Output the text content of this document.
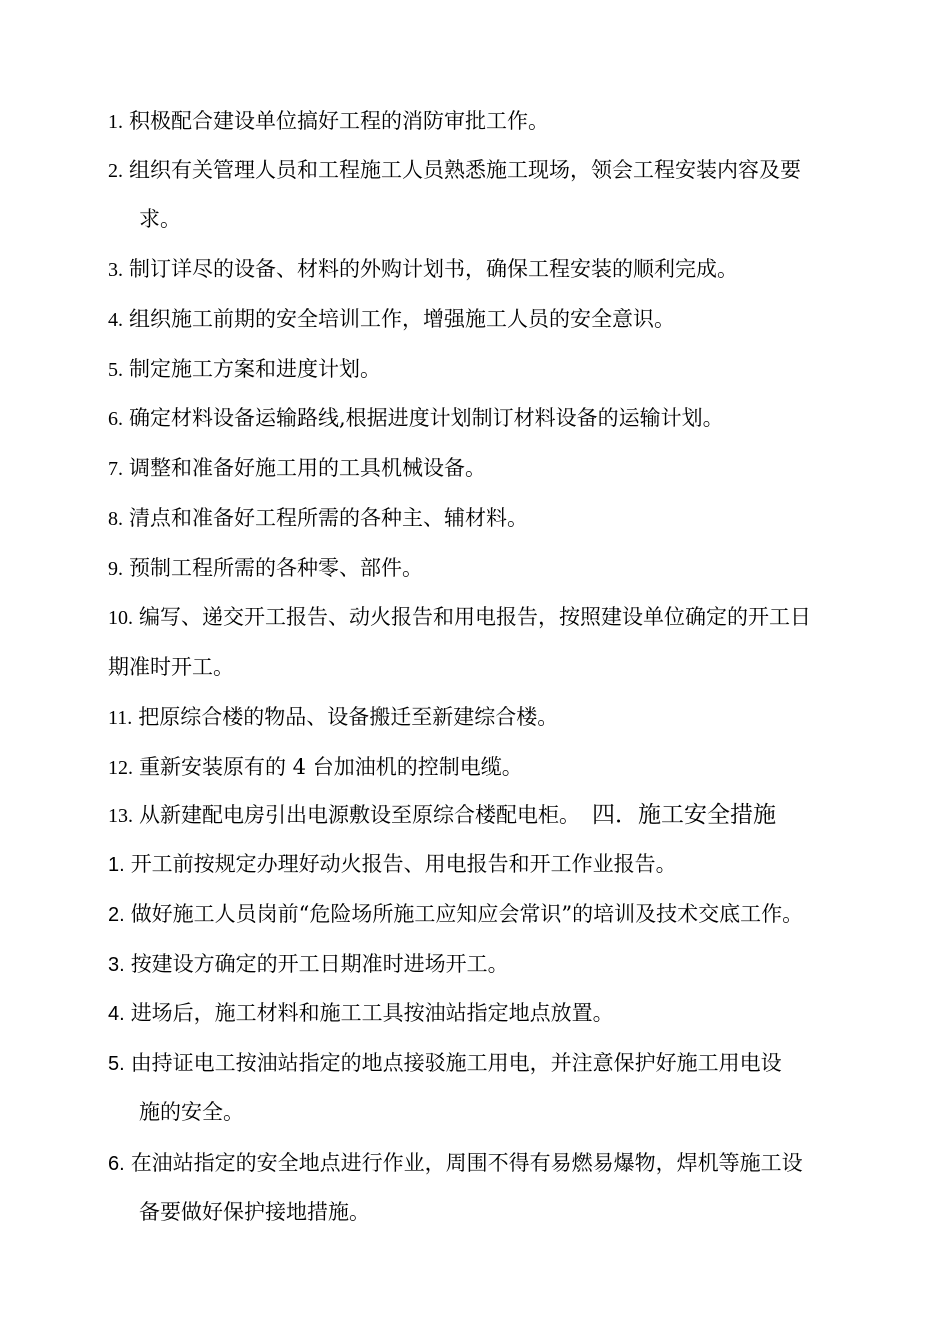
1. 积极配合建设单位搞好工程的消防审批工作。
2. 组织有关管理人员和工程施工人员熟悉施工现场，领会工程安装内容及要
求。
3. 制订详尽的设备、材料的外购计划书，确保工程安装的顺利完成。
4. 组织施工前期的安全培训工作，增强施工人员的安全意识。
5. 制定施工方案和进度计划。
6. 确定材料设备运输路线,根据进度计划制订材料设备的运输计划。
7. 调整和准备好施工用的工具机械设备。
8. 清点和准备好工程所需的各种主、辅材料。
9. 预制工程所需的各种零、部件。
10. 编写、递交开工报告、动火报告和用电报告，按照建设单位确定的开工日
期准时开工。
11. 把原综合楼的物品、设备搬迁至新建综合楼。
12. 重新安装原有的 4 台加油机的控制电缆。
13. 从新建配电房引出电源敷设至原综合楼配电柜。 四．施工安全措施
1. 开工前按规定办理好动火报告、用电报告和开工作业报告。
2. 做好施工人员岗前“危险场所施工应知应会常识”的培训及技术交底工作。
3. 按建设方确定的开工日期准时进场开工。
4. 进场后，施工材料和施工工具按油站指定地点放置。
5. 由持证电工按油站指定的地点接驳施工用电，并注意保护好施工用电设
施的安全。
6. 在油站指定的安全地点进行作业，周围不得有易燃易爆物，焊机等施工设
备要做好保护接地措施。
